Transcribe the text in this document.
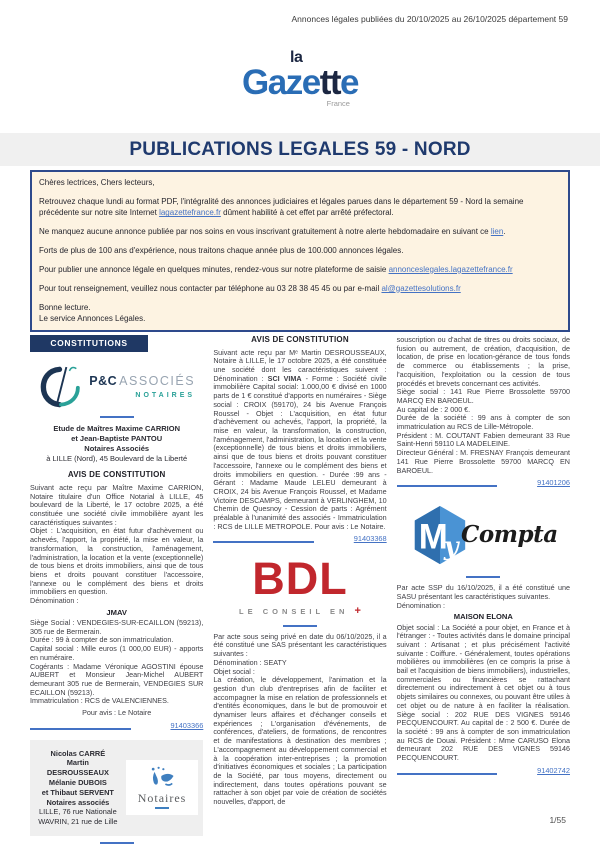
Annonces légales publiées du 20/10/2025 au 26/10/2025 département 59
la
Gazette
France
PUBLICATIONS LEGALES 59 - NORD

Chères lectrices, Chers lecteurs,

Retrouvez chaque lundi au format PDF, l'intégralité des annonces judiciaires et légales parues dans le département 59 - Nord la semaine précédente sur notre site Internet lagazettefrance.fr dûment habilité à cet effet par arrêté préfectoral.

Ne manquez aucune annonce publiée par nos soins en vous inscrivant gratuitement à notre alerte hebdomadaire en suivant ce lien.

Forts de plus de 100 ans d'expérience, nous traitons chaque année plus de 100.000 annonces légales.

Pour publier une annonce légale en quelques minutes, rendez-vous sur notre plateforme de saisie annonceslegales.lagazettefrance.fr

Pour tout renseignement, veuillez nous contacter par téléphone au 03 28 38 45 45 ou par e-mail al@gazettesolutions.fr

Bonne lecture.

Le service Annonces Légales.

CONSTITUTIONS
P&C ASSOCIÉS
NOTAIRES
Etude de Maîtres Maxime CARRION
et Jean-Baptiste PANTOU
Notaires Associés
à LILLE (Nord), 45 Boulevard de la Liberté
AVIS DE CONSTITUTION

Suivant acte reçu par Maître Maxime CARRION, Notaire titulaire d'un Office Notarial à LILLE, 45 boulevard de la Liberté, le 17 octobre 2025, a été constituée une société civile immobilière ayant les caractéristiques suivantes :

Objet : L'acquisition, en état futur d'achèvement ou achevés, l'apport, la propriété, la mise en valeur, la transformation, la construction, l'aménagement, l'administration, la location et la vente (exceptionnelle) de tous biens et droits immobiliers, ainsi que de tous biens et droits pouvant constituer l'accessoire, l'annexe ou le complément des biens et droits immobiliers en question.

Dénomination :

JMAV

Siège Social : VENDEGIES-SUR-ECAILLON (59213), 305 rue de Bermerain.

Durée : 99 à compter de son immatriculation.

Capital social : Mille euros (1 000,00 EUR) - apports en numéraire.

Cogérants : Madame Véronique AGOSTINI épouse AUBERT et Monsieur Jean-Michel AUBERT demeurant 305 rue de Bermerain, VENDEGIES SUR ECAILLON (59213).

Immatriculation : RCS de VALENCIENNES.

Pour avis : Le Notaire
91403366
Nicolas CARRÉ
Martin DESROUSSEAUX
Mélanie DUBOIS
et Thibaut SERVENT
Notaires associés
LILLE, 76 rue Nationale
WAVRIN, 21 rue de Lille
Notaires
AVIS DE CONSTITUTION

Suivant acte reçu par Mᵉ Martin DESROUSSEAUX, Notaire à LILLE, le 17 octobre 2025, a été constituée une société dont les caractéristiques suivent : Dénomination : SCI VIMA - Forme : Société civile immobilière Capital social: 1.000,00 € divisé en 1000 parts de 1 € constitué d'apports en numéraires - Siège social : CROIX (59170), 24 bis Avenue François Roussel - Objet : L'acquisition, en état futur d'achèvement ou achevés, l'apport, la propriété, la mise en valeur, la transformation, la construction, l'aménagement, l'administration, la location et la vente (exceptionnelle) de tous biens et droits immobiliers, ainsi que de tous biens et droits pouvant constituer l'accessoire, l'annexe ou le complément des biens et droits immobiliers en question. - Durée :99 ans - Gérant : Madame Maude LELEU demeurant à CROIX, 24 bis Avenue François Roussel, et Madame Victoire DESCAMPS, demeurant à VERLINGHEM, 10 Chemin de Quesnoy - Cession de parts : Agrément préalable à l'unanimité des associés - Immatriculation : RCS de LILLE METROPOLE. Pour avis : Le Notaire.

91403368
BDL
LE CONSEIL EN +

Par acte sous seing privé en date du 06/10/2025, il a été constitué une SAS présentant les caractéristiques suivantes :

Dénomination : SEATY

Objet social :

La création, le développement, l'animation et la gestion d'un club d'entreprises afin de faciliter et accompagner la mise en relation de professionnels et d'entités économiques, dans le but de promouvoir et dynamiser leurs affaires et d'échanger conseils et expériences ; L'organisation d'événements, de conférences, d'ateliers, de formations, de rencontres et de manifestations à destination des membres ; L'accompagnement au développement commercial et à la coopération inter-entreprises ; la promotion d'initiatives économiques et sociales ; La participation de la Société, par tous moyens, directement ou indirectement, dans toutes opérations pouvant se rattacher à son objet par voie de création de sociétés nouvelles, d'apport, de

souscription ou d'achat de titres ou droits sociaux, de fusion ou autrement, de création, d'acquisition, de location, de prise en location-gérance de tous fonds de commerce ou établissements ; la prise, l'acquisition, l'exploitation ou la cession de tous procédés et brevets concernant ces activités.

Siège social : 141 Rue Pierre Brossolette 59700 MARCQ EN BAROEUL.

Au capital de : 2 000 €.

Durée de la société : 99 ans à compter de son immatriculation au RCS de Lille-Métropole.

Président : M. COUTANT Fabien demeurant 33 Rue Saint-Henri 59110 LA MADELEINE.

Directeur Général : M. FRESNAY François demeurant 141 Rue Pierre Brossolette 59700 MARCQ EN BAROEUL.

91401206
M
y Compta

Par acte SSP du 16/10/2025, il a été constitué une SASU présentant les caractéristiques suivantes.

Dénomination :

MAISON ELONA

Objet social : La Société a pour objet, en France et à l'étranger : - Toutes activités dans le domaine principal suivant : Artisanat ; et plus précisément l'activité suivante : Coiffure. - Généralement, toutes opérations mobilières ou immobilières (en ce compris la prise à bail et l'acquisition de biens immobiliers), industrielles, commerciales ou financières se rattachant directement ou indirectement à cet objet ou à tous objets similaires ou connexes, ou pouvant être utiles à cet objet ou de nature à en faciliter la réalisation. Siège social : 202 RUE DES VIGNES 59146 PECQUENCOURT. Au capital de : 2 500 €. Durée de la société : 99 ans à compter de son immatriculation au RCS de Douai. Président : Mme CARUSO Elona demeurant 202 RUE DES VIGNES 59146 PECQUENCOURT.

91402742
1/55
